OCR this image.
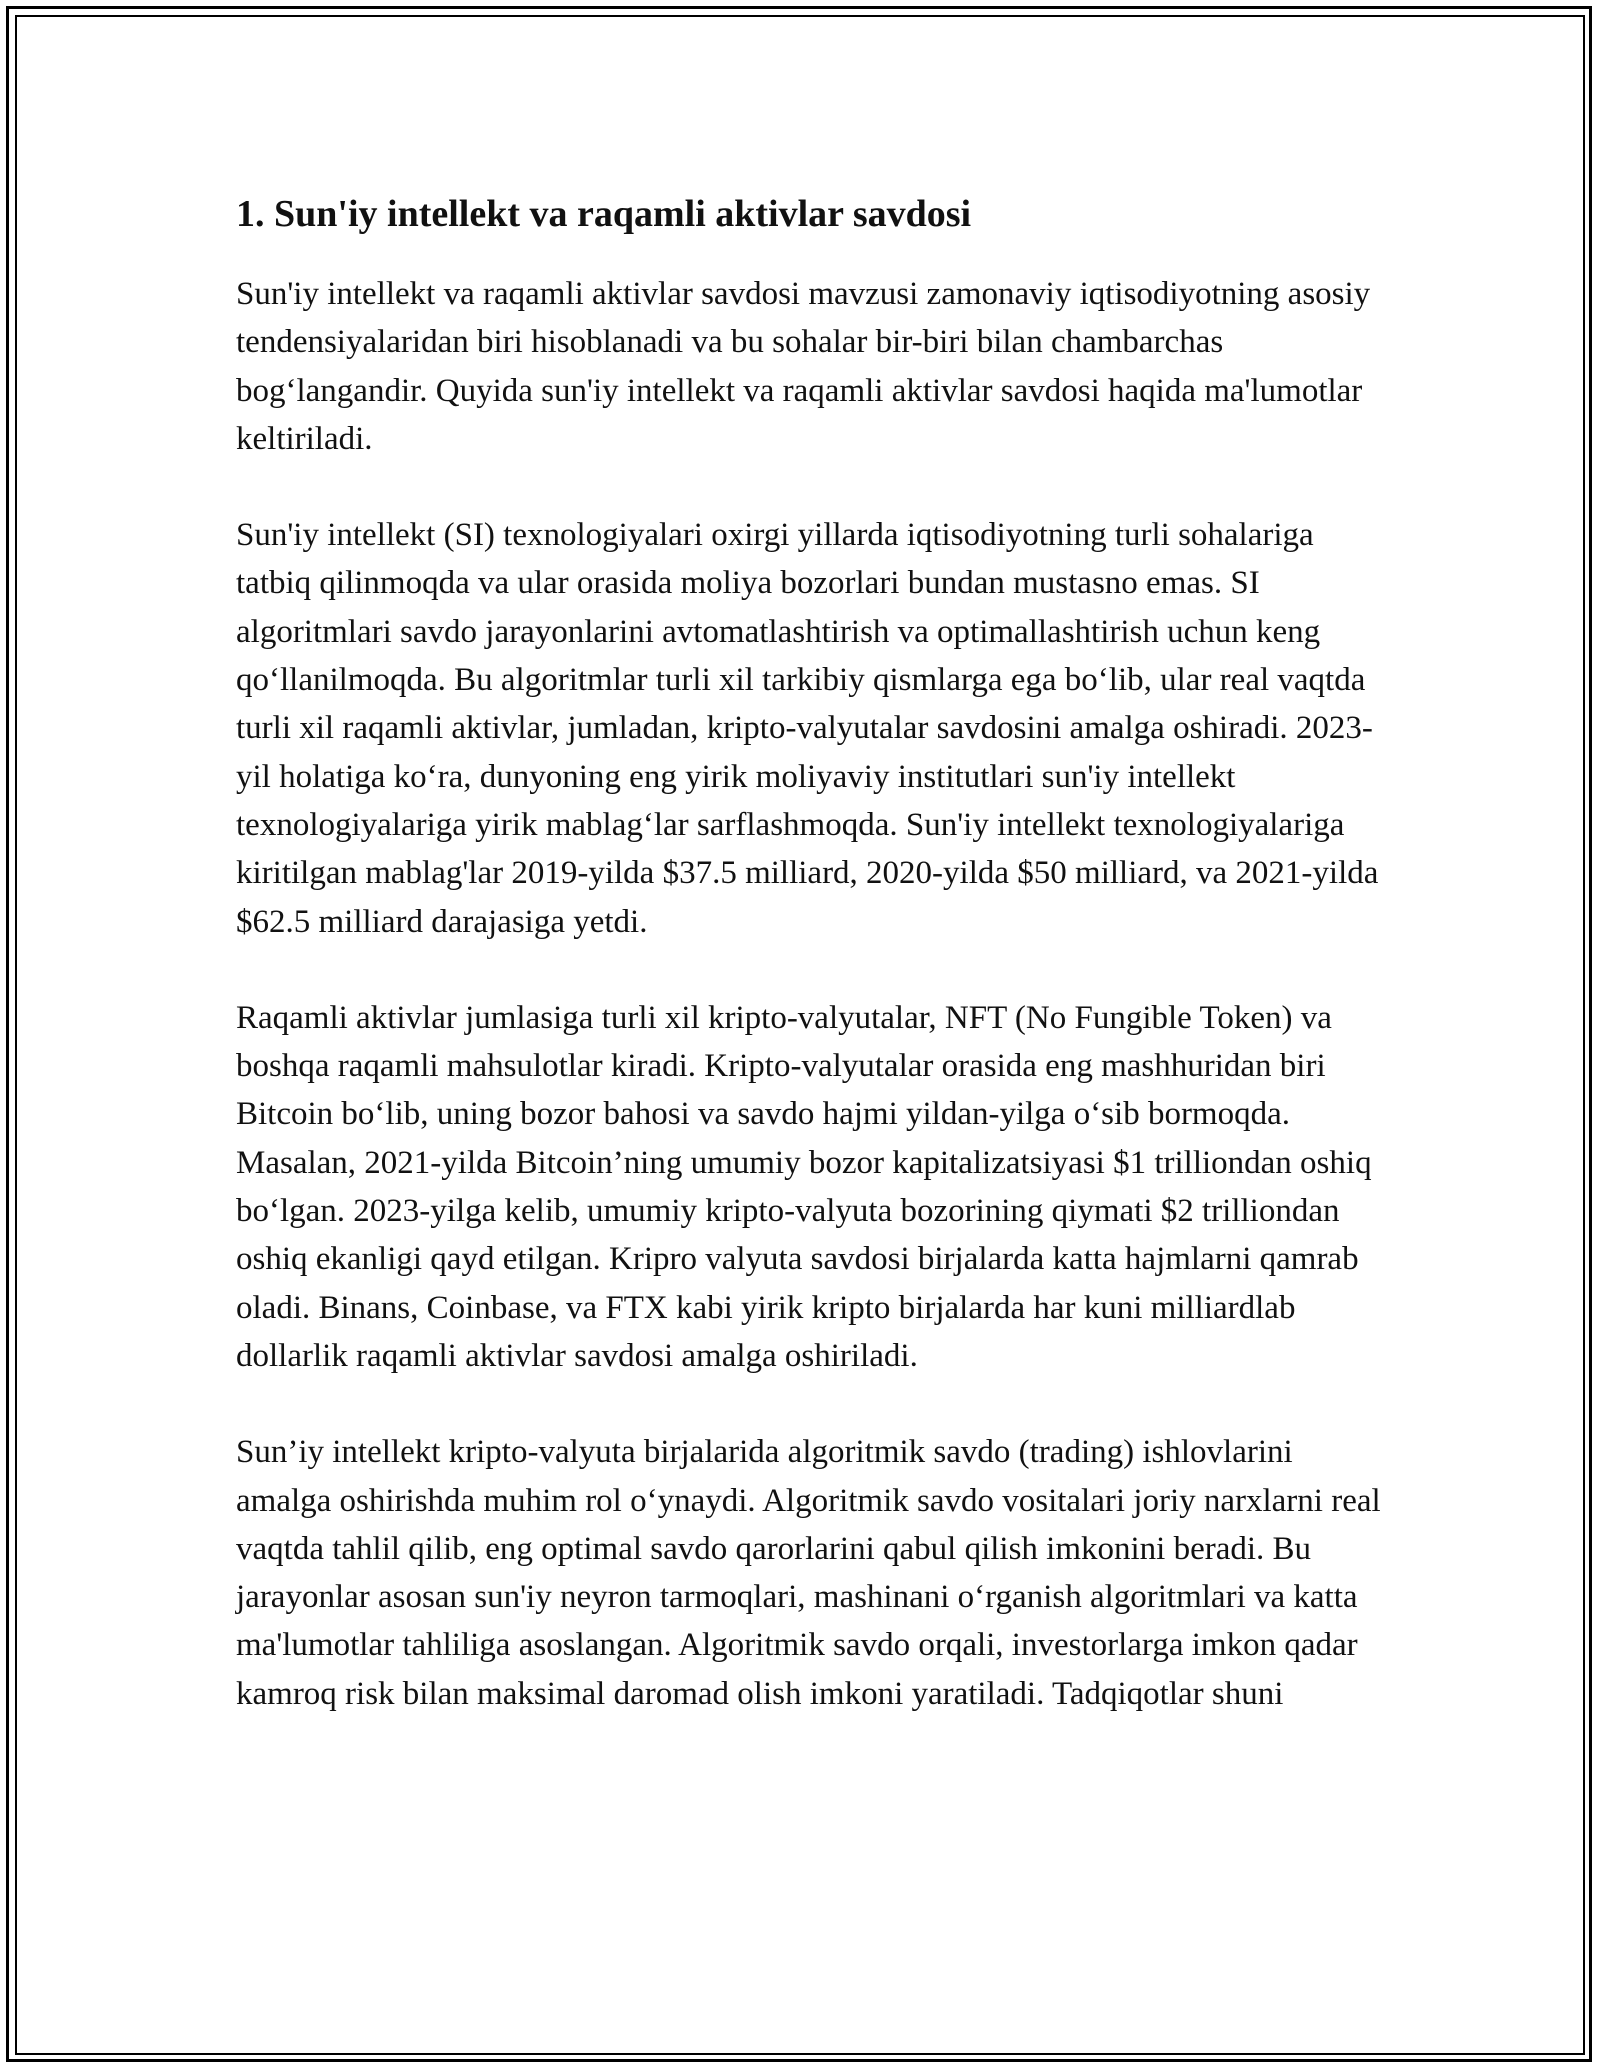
1. Sun'iy intellekt va raqamli aktivlar savdosi

Sun'iy intellekt va raqamli aktivlar savdosi mavzusi zamonaviy iqtisodiyotning asosiy tendensiyalaridan biri hisoblanadi va bu sohalar bir-biri bilan chambarchas bog‘langandir. Quyida sun'iy intellekt va raqamli aktivlar savdosi haqida ma'lumotlar keltiriladi.

Sun'iy intellekt (SI) texnologiyalari oxirgi yillarda iqtisodiyotning turli sohalariga tatbiq qilinmoqda va ular orasida moliya bozorlari bundan mustasno emas. SI algoritmlari savdo jarayonlarini avtomatlashtirish va optimallashtirish uchun keng qo‘llanilmoqda. Bu algoritmlar turli xil tarkibiy qismlarga ega bo‘lib, ular real vaqtda turli xil raqamli aktivlar, jumladan, kripto-valyutalar savdosini amalga oshiradi. 2023-yil holatiga ko‘ra, dunyoning eng yirik moliyaviy institutlari sun'iy intellekt texnologiyalariga yirik mablag‘lar sarflashmoqda. Sun'iy intellekt texnologiyalariga kiritilgan mablag'lar 2019-yilda $37.5 milliard, 2020-yilda $50 milliard, va 2021-yilda $62.5 milliard darajasiga yetdi.

Raqamli aktivlar jumlasiga turli xil kripto-valyutalar, NFT (No Fungible Token) va boshqa raqamli mahsulotlar kiradi. Kripto-valyutalar orasida eng mashhuridan biri Bitcoin bo‘lib, uning bozor bahosi va savdo hajmi yildan-yilga o‘sib bormoqda. Masalan, 2021-yilda Bitcoin’ning umumiy bozor kapitalizatsiyasi $1 trilliondan oshiq bo‘lgan. 2023-yilga kelib, umumiy kripto-valyuta bozorining qiymati $2 trilliondan oshiq ekanligi qayd etilgan. Kripro valyuta savdosi birjalarda katta hajmlarni qamrab oladi. Binans, Coinbase, va FTX kabi yirik kripto birjalarda har kuni milliardlab dollarlik raqamli aktivlar savdosi amalga oshiriladi.

Sun’iy intellekt kripto-valyuta birjalarida algoritmik savdo (trading) ishlovlarini amalga oshirishda muhim rol o‘ynaydi. Algoritmik savdo vositalari joriy narxlarni real vaqtda tahlil qilib, eng optimal savdo qarorlarini qabul qilish imkonini beradi. Bu jarayonlar asosan sun'iy neyron tarmoqlari, mashinani o‘rganish algoritmlari va katta ma'lumotlar tahliliga asoslangan. Algoritmik savdo orqali, investorlarga imkon qadar kamroq risk bilan maksimal daromad olish imkoni yaratiladi. Tadqiqotlar shuni
